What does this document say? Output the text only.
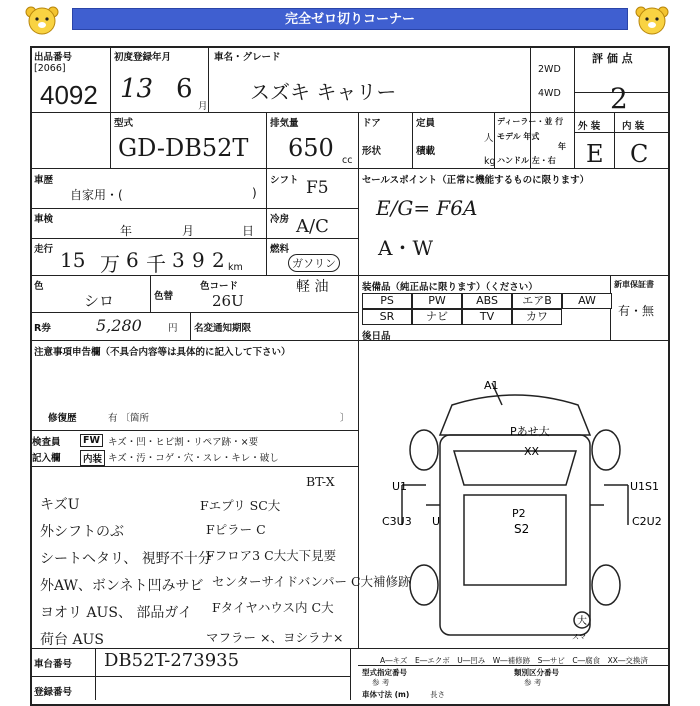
完全ゼロ切りコーナー
出品番号
[2066]
4092
初度登録年月
13 6
月
車名・グレード
スズキ キャリー
2WD
4WD
評 価 点
2
型式
GD-DB52T
排気量
650 cc
ドア
形状
定員
人
積載
kg
ディーラー・並 行
モデル 年式
年
ハンドル 左・右
外 装 内 装
E C
車歴
自家用・(	)
シフト F5
車検
年	月	日
冷房 A/C
走行 15 万 6 千 3 9 2 km
燃料
ガソリン
軽 油
色
シロ	色替
色コード
26U
R券	5,280	円 名変通知期限
セールスポイント（正常に機能するものに限ります）
E/G= F6A
A・W
装備品（純正品に限ります）（ください）
PS	PW	ABS	エアB	AW
SR	ナビ	TV	カワ
新車保証書
有・無
後日品
注意事項申告欄（不具合内容等は具体的に記入して下さい）
修復歴	有 〔箇所	〕
検査員
記入欄
FW キズ・凹・ヒビ割・リペア跡・×要
内装 キズ・汚・コゲ・穴・スレ・キレ・破し
キズU
外シフトのぶ
シートヘタリ、 視野不十分
外AW、ボンネト凹みサビ
ヨオリ AUS、 部品ガイ
荷台 AUS
BT-X
Fエプリ SC大
Fピラー C
Fフロア3 C大大下見要
センターサイドバンパー C大補修跡
Fタイヤハウス内 C大
マフラー ×、ヨシラナ×
A1
Pあせ大
XX
U1	U1S1
C3U3 U	C2U2
P2
S2
大
スマ
車台番号 DB52T-273935
登録番号
A―キズ　E―エクボ　U―凹み　W―補修跡　S―サビ　C―腐食　XX―交換済
型式指定番号
参 考
類別区分番号
参 考
車体寸法 (m)	長さ
